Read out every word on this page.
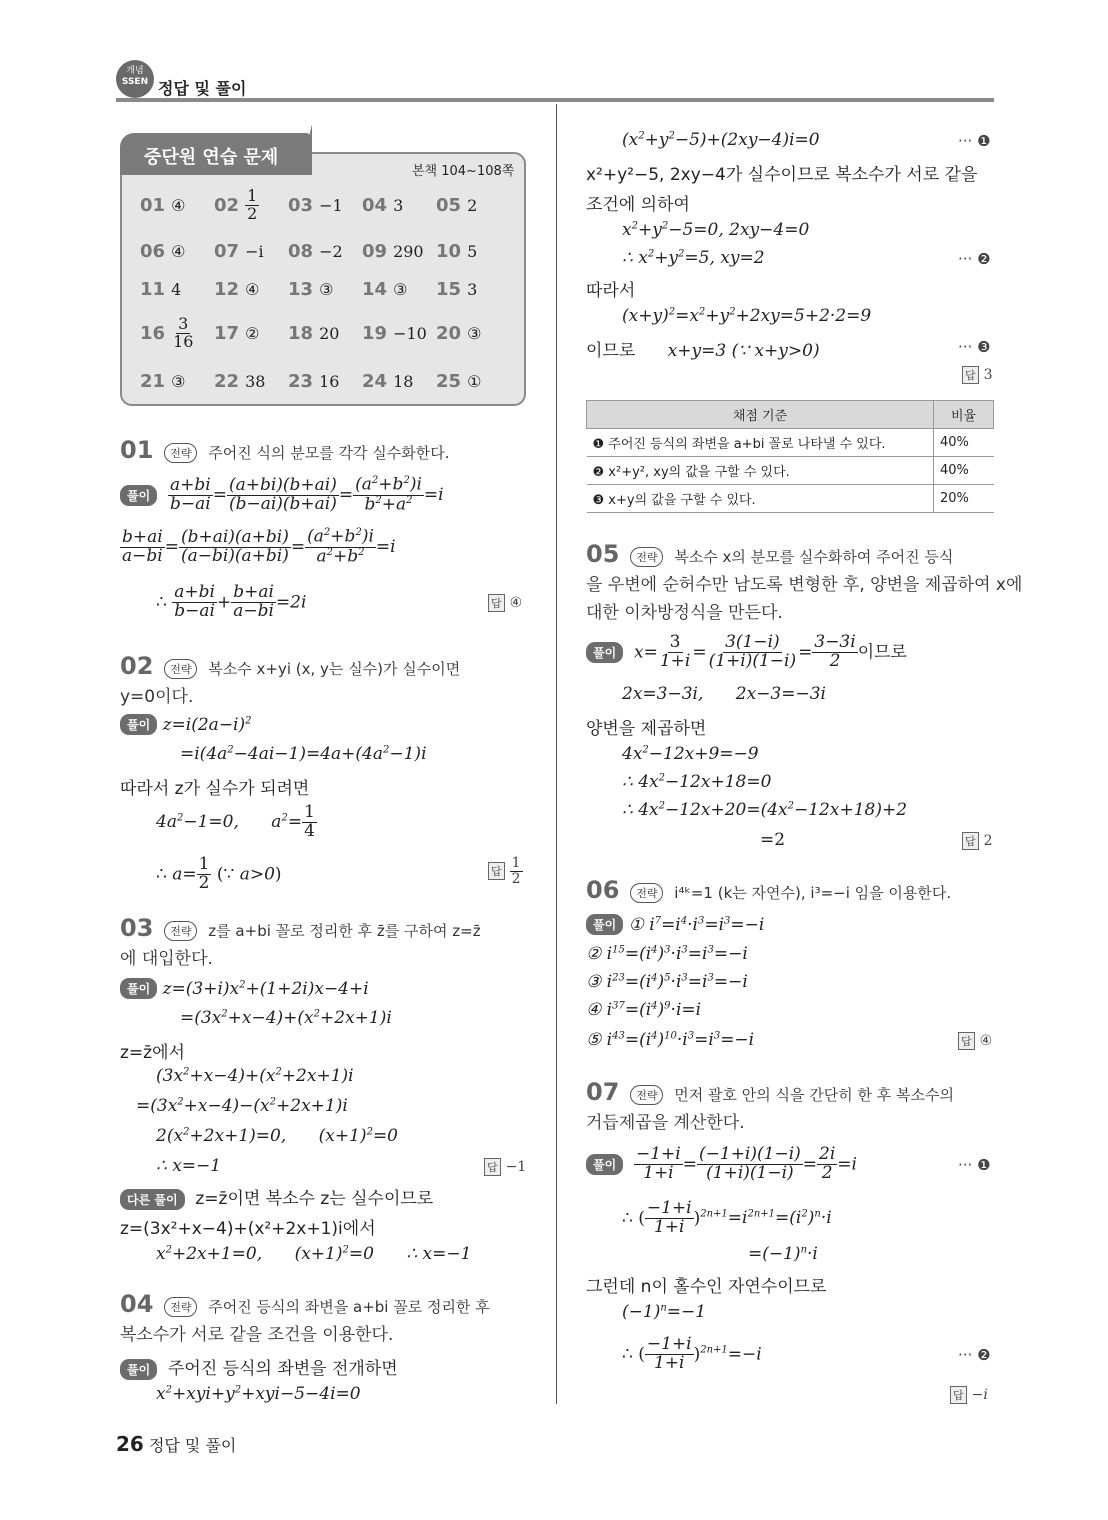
개념
SSEN 정답 및 풀이
중단원 연습 문제
본책 104~108쪽
01 ④ $02 \frac{1}{2} 03 -1$ 04 3 05 2
06 ④ 07 −i 08 −2 09 290 10 5
11 4 12 ④ 13 ③ 14 ③ 15 3
$16 \frac{3}{16} 17$ ② 18 20 19 −10 20 ③
21 ③ 22 38 23 16 24 18 25 ①
01 전략 주어진 식의 분모를 각각 실수화한다.
풀이 $\frac{a+bi}{b-ai} = \frac{(a+bi)(b+ai)}{(b-ai)(b+ai)} = \frac{(a^2+b^2)i}{b^2+a^2} =i$
$\frac{b+ai}{a-bi} = \frac{(b+ai)(a+bi)}{(a-bi)(a+bi)} = \frac{(a^2+b^2)i}{a^2+b^2} =i$
∴ $\frac{a+bi}{b-ai} + \frac{b+ai}{a-bi} =2i$	답 ④
02 전략 복소수 x+yi (x, y는 실수)가 실수이면
y=0이다.
풀이 $z=i(2a-i)^2$
$=i(4a^2-4ai-1)=4a+(4a^2-1)i$
따라서 z가 실수가 되려면
$4a^2-1=0$, $a^2= \frac{1}{4}$
∴ $a= \frac{1}{2}$ (∵ a>0)	답 $\frac{1}{2}$
03 전략 z를 a+bi 꼴로 정리한 후 z̄를 구하여 z=z̄
에 대입한다.
풀이 $z=(3+i)x^2+(1+2i)x-4+i$
$=(3x^2+x-4)+(x^2+2x+1)i$
z=z̄에서
$(3x^2+x-4)+(x^2+2x+1)i$
$=(3x^2+x-4)-(x^2+2x+1)i$
$2(x^2+2x+1)=0$,      $(x+1)^2=0$
∴ x=−1	답 −1
다른 풀이 z=z̄이면 복소수 z는 실수이므로
z=(3x²+x−4)+(x²+2x+1)i에서
$x^2+2x+1=0$,      $(x+1)^2=0$      ∴ x=−1
04 전략 주어진 등식의 좌변을 a+bi 꼴로 정리한 후
복소수가 서로 같을 조건을 이용한다.
풀이 주어진 등식의 좌변을 전개하면
$x^2+xyi+y^2+xyi-5-4i=0$
$(x^2+y^2-5)+(2xy-4)i=0$	··· ❶
x²+y²−5, 2xy−4가 실수이므로 복소수가 서로 같을
조건에 의하여
$x^2+y^2-5=0$, 2xy−4=0
∴ $x^2+y^2=5$, xy=2	··· ❷
따라서
$(x+y)^2=x^2+y^2+2xy=5+2\cdot 2=9$
이므로 x+y=3 (∵ x+y>0)	··· ❸
답 3
채점 기준	비율
❶ 주어진 등식의 좌변을 a+bi 꼴로 나타낼 수 있다.	40%
❷ x²+y², xy의 값을 구할 수 있다.	40%
❸ x+y의 값을 구할 수 있다.	20%
05 전략 복소수 x의 분모를 실수화하여 주어진 등식
을 우변에 순허수만 남도록 변형한 후, 양변을 제곱하여 x에
대한 이차방정식을 만든다.
풀이 $x= \frac{3}{1+i} = \frac{3(1-i)}{(1+i)(1-i)} = \frac{3-3i}{2}$ 이므로
2x=3−3i,      2x−3=−3i
양변을 제곱하면
$4x^2-12x+9=-9$
∴ $4x^2-12x+18=0$
∴ $4x^2-12x+20=(4x^2-12x+18)+2$
=2	답 2
06 전략 i⁴ᵏ=1 (k는 자연수), i³=−i 임을 이용한다.
풀이 ① $i^7=i^4\cdot i^3=i^3=-i$
② $i^{15}=(i^4)^3\cdot i^3=i^3=-i$
③ $i^{23}=(i^4)^5\cdot i^3=i^3=-i$
④ $i^{37}=(i^4)^9\cdot i=i$
⑤ $i^{43}=(i^4)^{10}\cdot i^3=i^3=-i$	답 ④
07 전략 먼저 괄호 안의 식을 간단히 한 후 복소수의
거듭제곱을 계산한다.
풀이 $\frac{-1+i}{1+i} = \frac{(-1+i)(1-i)}{(1+i)(1-i)} = \frac{2i}{2} =i$	··· ❶
∴ ( $\frac{-1+i}{1+i} )^{2n+1}=i^{2n+1}=(i^2)^n\cdot i$
$=(-1)^n\cdot i$
그런데 n이 홀수인 자연수이므로
$(-1)^n=-1$
∴ ( $\frac{-1+i}{1+i} )^{2n+1}=-i$	··· ❷
답 −i
26 정답 및 풀이
